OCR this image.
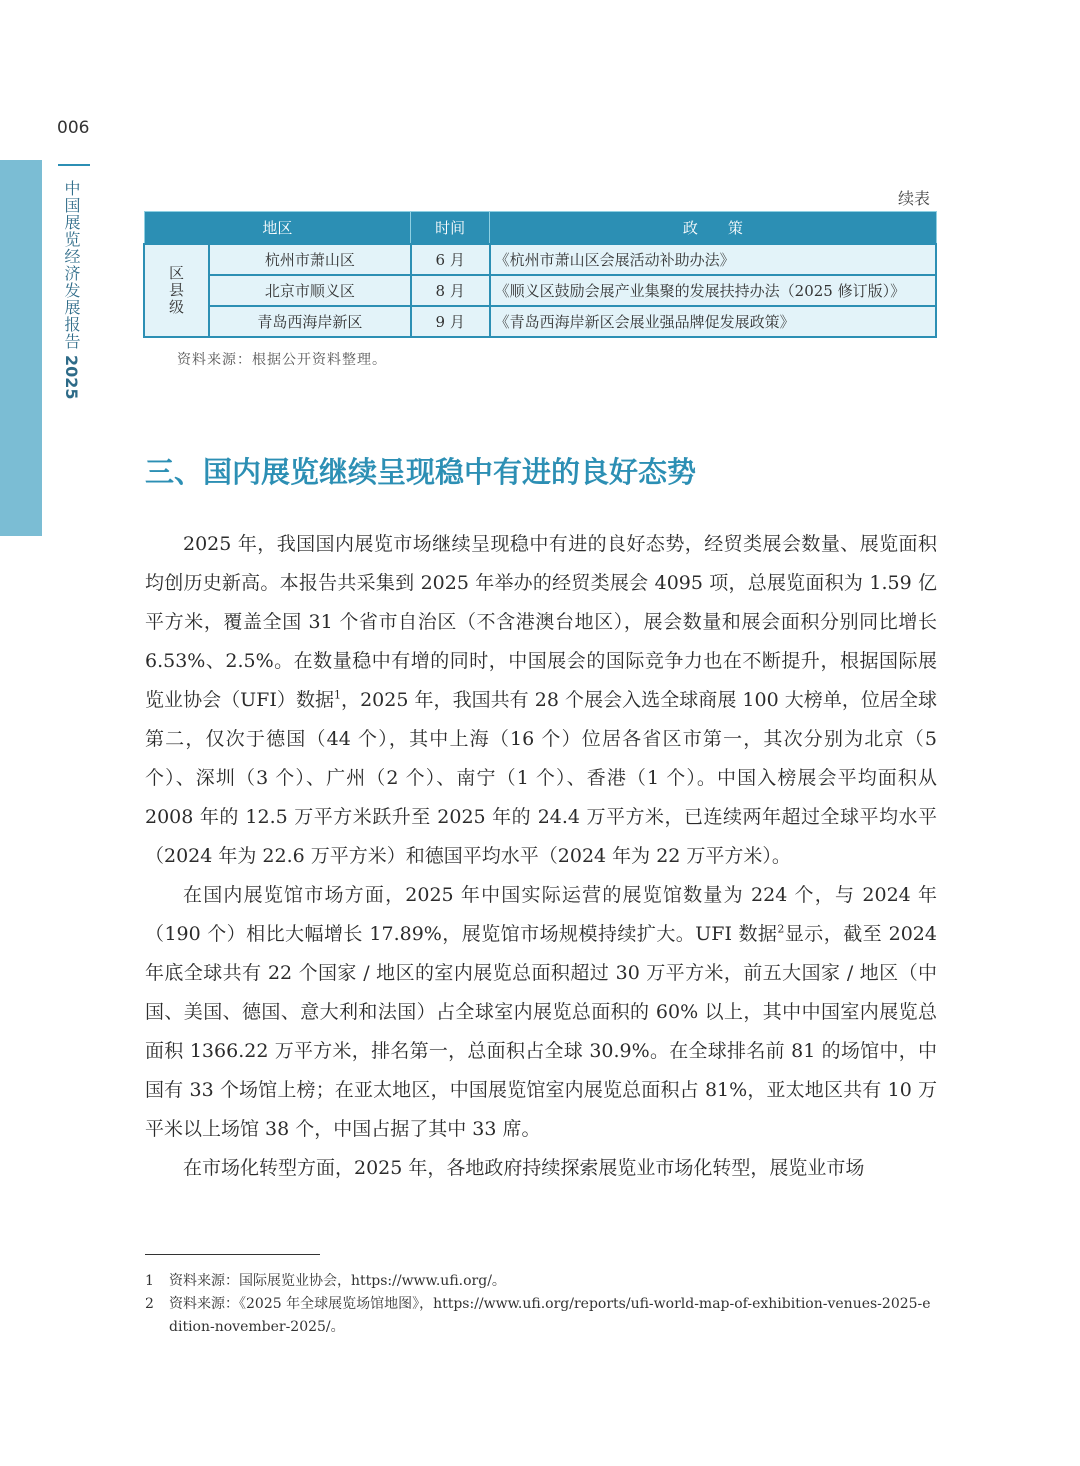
006
中国展览经济发展报告
2025
续表
地区		时间	政　　策
区县级	杭州市萧山区	6 月	《杭州市萧山区会展活动补助办法》
	北京市顺义区	8 月	《顺义区鼓励会展产业集聚的发展扶持办法（2025 修订版）》
	青岛西海岸新区	9 月	《青岛西海岸新区会展业强品牌促发展政策》
资料来源：根据公开资料整理。
三、国内展览继续呈现稳中有进的良好态势

2025 年，我国国内展览市场继续呈现稳中有进的良好态势，经贸类展会数量、展览面积均创历史新高。本报告共采集到 2025 年举办的经贸类展会 4095 项，总展览面积为 1.59 亿平方米，覆盖全国 31 个省市自治区（不含港澳台地区），展会数量和展会面积分别同比增长 6.53%、2.5%。在数量稳中有增的同时，中国展会的国际竞争力也在不断提升，根据国际展览业协会（UFI）数据$^1$，2025 年，我国共有 28 个展会入选全球商展 100 大榜单，位居全球第二，仅次于德国（44 个），其中上海（16 个）位居各省区市第一，其次分别为北京（5 个）、深圳（3 个）、广州（2 个）、南宁（1 个）、香港（1 个）。中国入榜展会平均面积从 2008 年的 12.5 万平方米跃升至 2025 年的 24.4 万平方米，已连续两年超过全球平均水平（2024 年为 22.6 万平方米）和德国平均水平（2024 年为 22 万平方米）。

在国内展览馆市场方面，2025 年中国实际运营的展览馆数量为 224 个，与 2024 年（190 个）相比大幅增长 17.89%，展览馆市场规模持续扩大。UFI 数据$^2$显示，截至 2024 年底全球共有 22 个国家 / 地区的室内展览总面积超过 30 万平方米，前五大国家 / 地区（中国、美国、德国、意大利和法国）占全球室内展览总面积的 60% 以上，其中中国室内展览总面积 1366.22 万平方米，排名第一，总面积占全球 30.9%。在全球排名前 81 的场馆中，中国有 33 个场馆上榜；在亚太地区，中国展览馆室内展览总面积占 81%，亚太地区共有 10 万平米以上场馆 38 个，中国占据了其中 33 席。

在市场化转型方面，2025 年，各地政府持续探索展览业市场化转型，展览业市场

1	资料来源：国际展览业协会，https://www.ufi.org/。
2	资料来源：《2025 年全球展览场馆地图》，https://www.ufi.org/reports/ufi-world-map-of-exhibition-venues-2025-edition-november-2025/。
